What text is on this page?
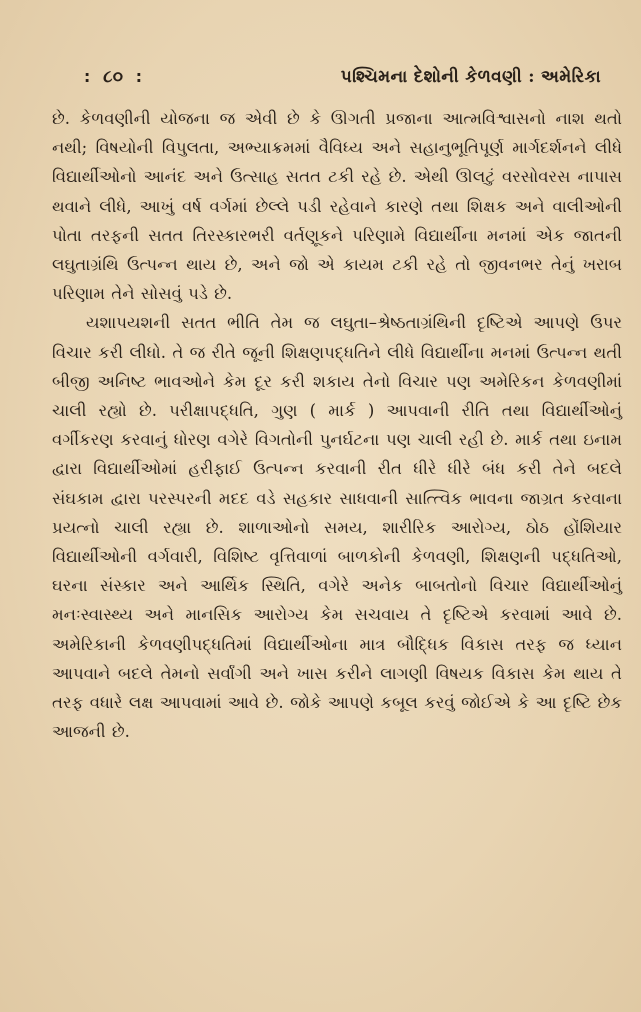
: ૮૦ :	પશ્ચિમના દેશોની કેળવણી : અમેરિકા

છે. કેળવણીની યોજના જ એવી છે કે ઊગતી પ્રજાના આત્મવિશ્વાસનો નાશ થતો નથી; વિષયોની વિપુલતા, અભ્યાક્રમમાં વૈવિધ્ય અને સહાનુભૂતિપૂર્ણ માર્ગદર્શનને લીધે વિદ્યાર્થીઓનો આનંદ અને ઉત્સાહ સતત ટકી રહે છે. એથી ઊલટું વરસોવરસ નાપાસ થવાને લીધે, આખું વર્ષ વર્ગમાં છેલ્લે પડી રહેવાને કારણે તથા શિક્ષક અને વાલીઓની પોતા તરફની સતત તિરસ્કારભરી વર્તણૂકને પરિણામે વિદ્યાર્થીના મનમાં એક જાતની લઘુતાગ્રંથિ ઉત્પન્ન થાય છે, અને જો એ કાયમ ટકી રહે તો જીવનભર તેનું ખરાબ પરિણામ તેને સોસવું પડે છે.

યશાપયશની સતત ભીતિ તેમ જ લઘુતા–શ્રેષ્ઠતાગ્રંથિની દૃષ્ટિએ આપણે ઉપર વિચાર કરી લીધો. તે જ રીતે જૂની શિક્ષણપદ્ધતિને લીધે વિદ્યાર્થીના મનમાં ઉત્પન્ન થતી બીજી અનિષ્ટ ભાવઓને કેમ દૂર કરી શકાય તેનો વિચાર પણ અમેરિકન કેળવણીમાં ચાલી રહ્યો છે. પરીક્ષાપદ્ધતિ, ગુણ ( માર્ક ) આપવાની રીતિ તથા વિદ્યાર્થીઓનું વર્ગીકરણ કરવાનું ધોરણ વગેરે વિગતોની પુનર્ઘટના પણ ચાલી રહી છે. માર્ક તથા ઇનામ દ્વારા વિદ્યાર્થીઓમાં હરીફાઈ ઉત્પન્ન કરવાની રીત ધીરે ધીરે બંધ કરી તેને બદલે સંઘકામ દ્વારા પરસ્પરની મદદ વડે સહકાર સાધવાની સાત્ત્વિક ભાવના જાગ્રત કરવાના પ્રયત્નો ચાલી રહ્યા છે. શાળાઓનો સમય, શારીરિક આરોગ્ય, ઠોઠ હોંશિયાર વિદ્યાર્થીઓની વર્ગવારી, વિશિષ્ટ વૃત્તિવાળાં બાળકોની કેળવણી, શિક્ષણની પદ્ધતિઓ, ઘરના સંસ્કાર અને આર્થિક સ્થિતિ, વગેરે અનેક બાબતોનો વિચાર વિદ્યાર્થીઓનું મનઃસ્વાસ્થ્ય અને માનસિક આરોગ્ય કેમ સચવાય તે દૃષ્ટિએ કરવામાં આવે છે. અમેરિકાની કેળવણીપદ્ધતિમાં વિદ્યાર્થીઓના માત્ર બૌદ્ધિક વિકાસ તરફ જ ધ્યાન આપવાને બદલે તેમનો સર્વાંગી અને ખાસ કરીને લાગણી વિષયક વિકાસ કેમ થાય તે તરફ વધારે લક્ષ આપવામાં આવે છે. જોકે આપણે કબૂલ કરવું જોઈએ કે આ દૃષ્ટિ છેક આજની છે.
